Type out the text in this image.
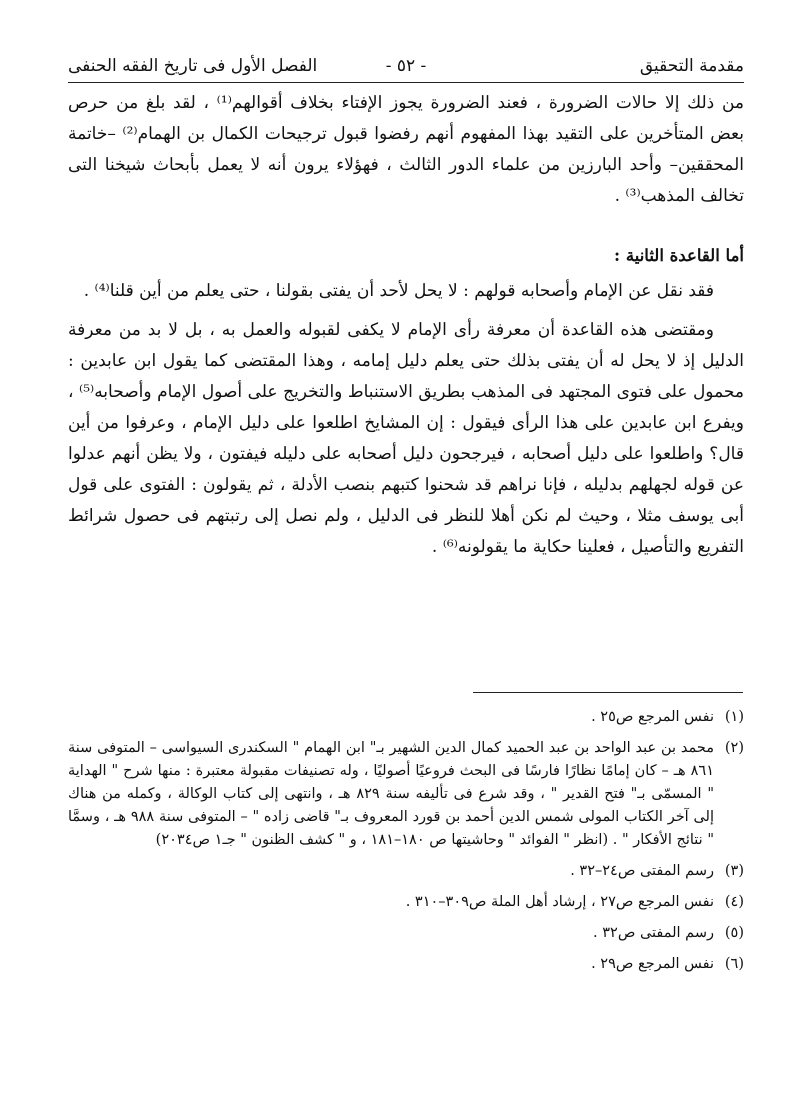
مقدمة التحقيق
- ٥٢ -
الفصل الأول فى تاريخ الفقه الحنفى

من ذلك إلا حالات الضرورة ، فعند الضرورة يجوز الإفتاء بخلاف أقوالهم⁽¹⁾ ، لقد بلغ من حرص بعض المتأخرين على التقيد بهذا المفهوم أنهم رفضوا قبول ترجيحات الكمال بن الهمام⁽²⁾ –خاتمة المحققين– وأحد البارزين من علماء الدور الثالث ، فهؤلاء يرون أنه لا يعمل بأبحاث شيخنا التى تخالف المذهب⁽³⁾ .

أما القاعدة الثانية :

فقد نقل عن الإمام وأصحابه قولهم : لا يحل لأحد أن يفتى بقولنا ، حتى يعلم من أين قلنا⁽⁴⁾ .

ومقتضى هذه القاعدة أن معرفة رأى الإمام لا يكفى لقبوله والعمل به ، بل لا بد من معرفة الدليل إذ لا يحل له أن يفتى بذلك حتى يعلم دليل إمامه ، وهذا المقتضى كما يقول ابن عابدين : محمول على فتوى المجتهد فى المذهب بطريق الاستنباط والتخريج على أصول الإمام وأصحابه⁽⁵⁾ ، ويفرع ابن عابدين على هذا الرأى فيقول : إن المشايخ اطلعوا على دليل الإمام ، وعرفوا من أين قال؟ واطلعوا على دليل أصحابه ، فيرجحون دليل أصحابه على دليله فيفتون ، ولا يظن أنهم عدلوا عن قوله لجهلهم بدليله ، فإنا نراهم قد شحنوا كتبهم بنصب الأدلة ، ثم يقولون : الفتوى على قول أبى يوسف مثلا ، وحيث لم نكن أهلا للنظر فى الدليل ، ولم نصل إلى رتبتهم فى حصول شرائط التفريع والتأصيل ، فعلينا حكاية ما يقولونه⁽⁶⁾ .

(١)
نفس المرجع ص٢٥ .
(٢)
محمد بن عبد الواحد بن عبد الحميد كمال الدين الشهير بـ" ابن الهمام " السكندرى السيواسى – المتوفى سنة ٨٦١ هـ – كان إمامًا نظارًا فارسًا فى البحث فروعيًا أصوليًا ، وله تصنيفات مقبولة معتبرة : منها شرح " الهداية " المسمّى بـ" فتح القدير " ، وقد شرع فى تأليفه سنة ٨٢٩ هـ ، وانتهى إلى كتاب الوكالة ، وكمله من هناك إلى آخر الكتاب المولى شمس الدين أحمد بن قورد المعروف بـ" قاضى زاده " – المتوفى سنة ٩٨٨ هـ ، وسمَّا " نتائج الأفكار " . (انظر " الفوائد " وحاشيتها ص ١٨٠–١٨١ ، و " كشف الظنون " جـ١ ص٢٠٣٤)
(٣)
رسم المفتى ص٢٤–٣٢ .
(٤)
نفس المرجع ص٢٧ ، إرشاد أهل الملة ص٣٠٩–٣١٠ .
(٥)
رسم المفتى ص٣٢ .
(٦)
نفس المرجع ص٢٩ .
